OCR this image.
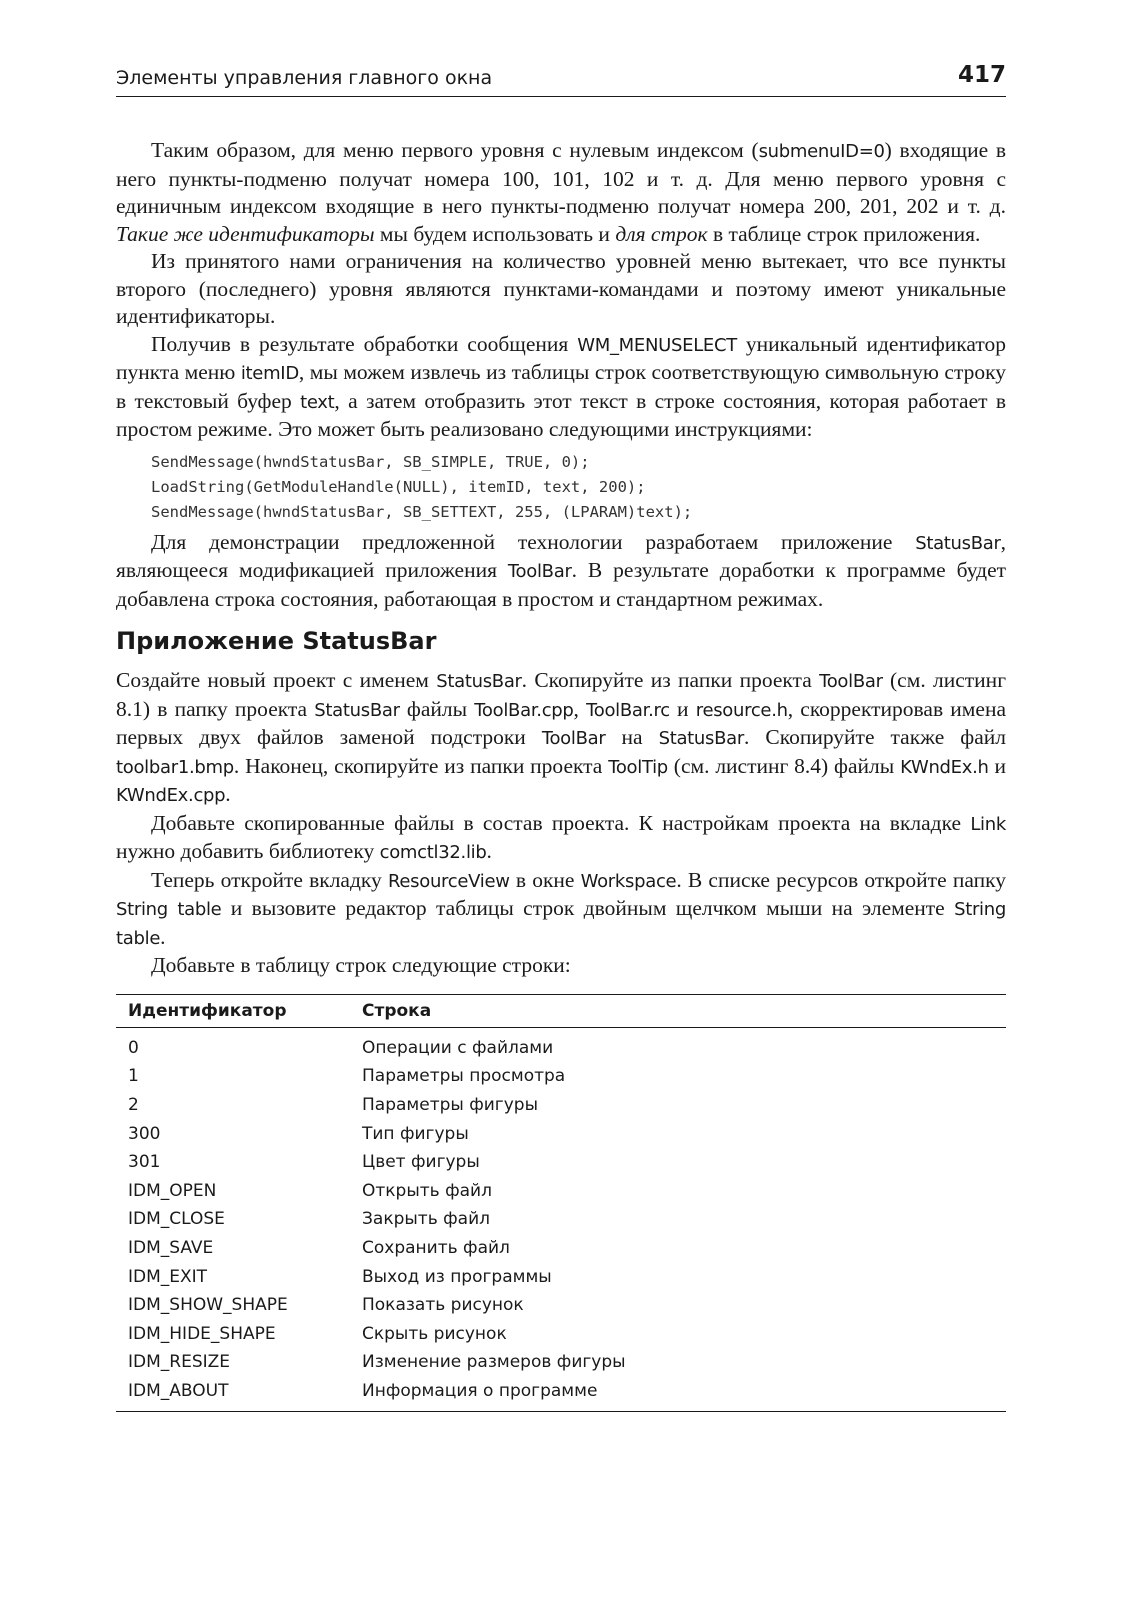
Элементы управления главного окна	417

Таким образом, для меню первого уровня с нулевым индексом (submenuID=0) входящие в него пункты-подменю получат номера 100, 101, 102 и т. д. Для меню первого уровня с единичным индексом входящие в него пункты-подменю получат номера 200, 201, 202 и т. д. Такие же идентификаторы мы будем использовать и для строк в таблице строк приложения.

Из принятого нами ограничения на количество уровней меню вытекает, что все пункты второго (последнего) уровня являются пунктами-командами и поэтому имеют уникальные идентификаторы.

Получив в результате обработки сообщения WM_MENUSELECT уникальный идентификатор пункта меню itemID, мы можем извлечь из таблицы строк соответствующую символьную строку в текстовый буфер text, а затем отобразить этот текст в строке состояния, которая работает в простом режиме. Это может быть реализовано следующими инструкциями:

SendMessage(hwndStatusBar, SB_SIMPLE, TRUE, 0);
LoadString(GetModuleHandle(NULL), itemID, text, 200);
SendMessage(hwndStatusBar, SB_SETTEXT, 255, (LPARAM)text);

Для демонстрации предложенной технологии разработаем приложение StatusBar, являющееся модификацией приложения ToolBar. В результате доработки к программе будет добавлена строка состояния, работающая в простом и стандартном режимах.

Приложение StatusBar

Создайте новый проект с именем StatusBar. Скопируйте из папки проекта ToolBar (см. листинг 8.1) в папку проекта StatusBar файлы ToolBar.cpp, ToolBar.rc и resource.h, скорректировав имена первых двух файлов заменой подстроки ToolBar на StatusBar. Скопируйте также файл toolbar1.bmp. Наконец, скопируйте из папки проекта ToolTip (см. листинг 8.4) файлы KWndEx.h и KWndEx.cpp.

Добавьте скопированные файлы в состав проекта. К настройкам проекта на вкладке Link нужно добавить библиотеку comctl32.lib.

Теперь откройте вкладку ResourceView в окне Workspace. В списке ресурсов откройте папку String table и вызовите редактор таблицы строк двойным щелчком мыши на элементе String table.

Добавьте в таблицу строк следующие строки:

Идентификатор	Строка
0	Операции с файлами
1	Параметры просмотра
2	Параметры фигуры
300	Тип фигуры
301	Цвет фигуры
IDM_OPEN	Открыть файл
IDM_CLOSE	Закрыть файл
IDM_SAVE	Сохранить файл
IDM_EXIT	Выход из программы
IDM_SHOW_SHAPE	Показать рисунок
IDM_HIDE_SHAPE	Скрыть рисунок
IDM_RESIZE	Изменение размеров фигуры
IDM_ABOUT	Информация о программе
